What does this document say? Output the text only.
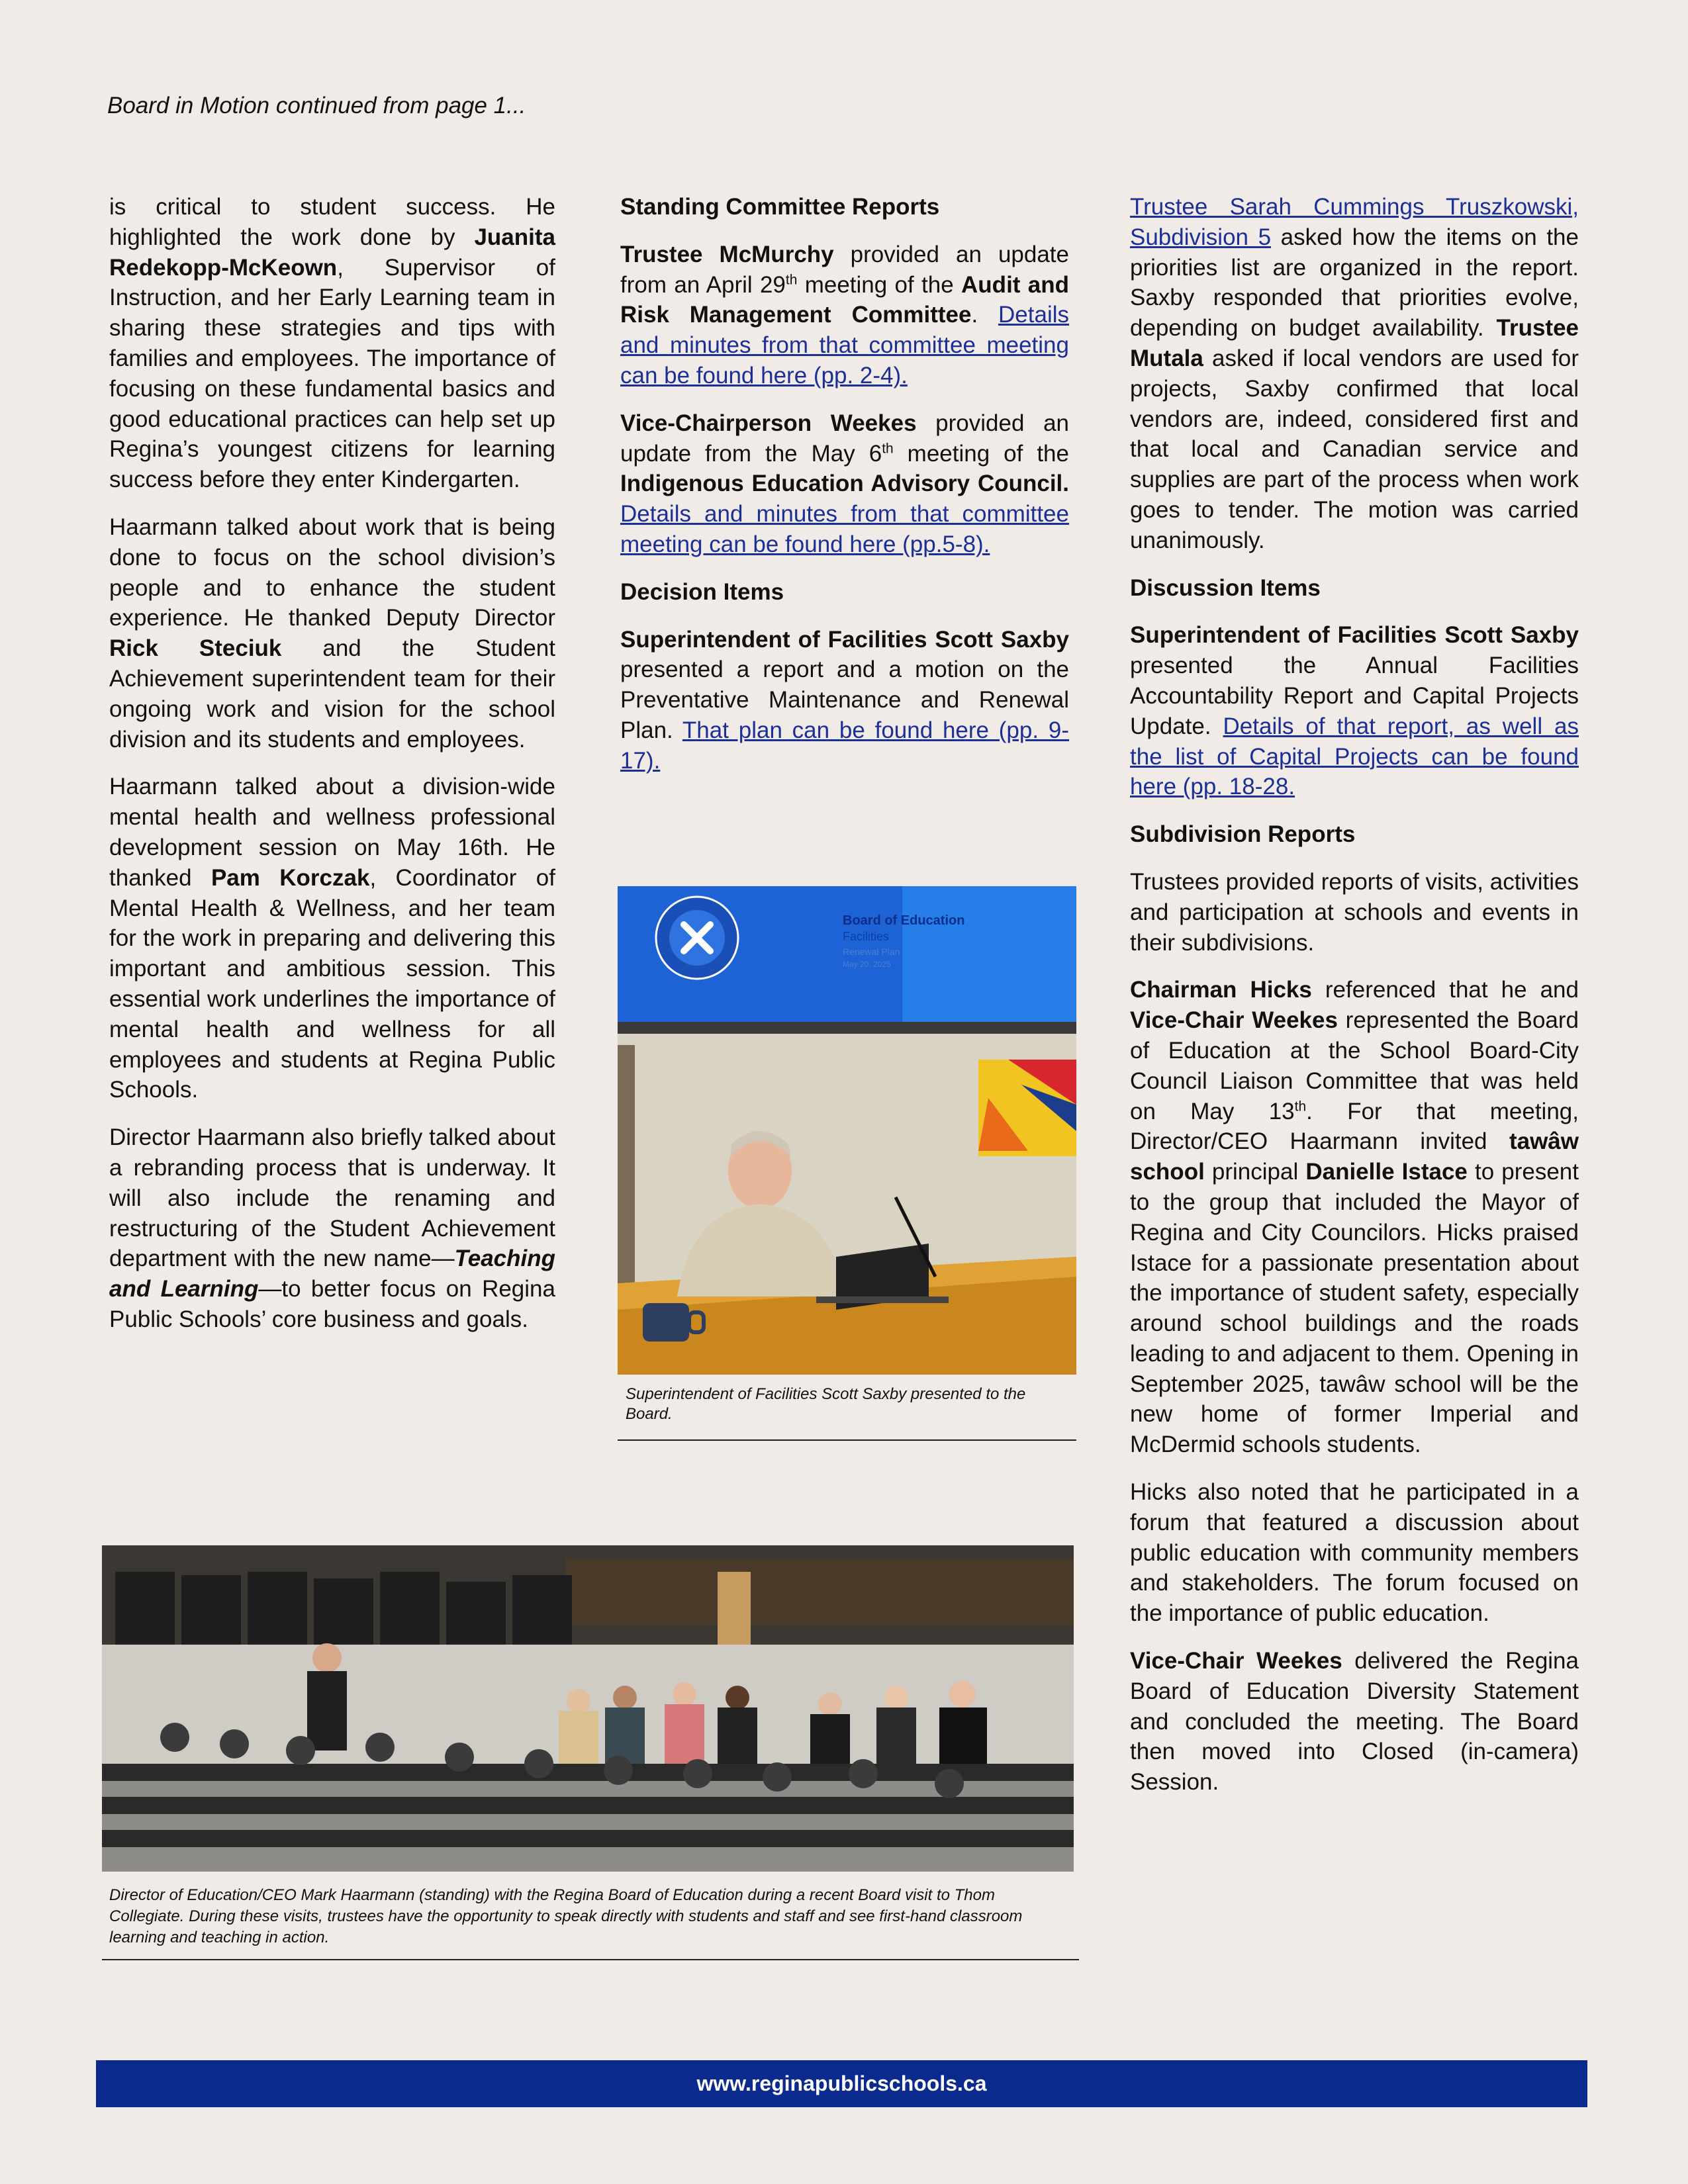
Board in Motion continued from page 1...

is critical to student success. He highlighted the work done by Juanita Redekopp-McKeown, Supervisor of Instruction, and her Early Learning team in sharing these strategies and tips with families and employees. The importance of focusing on these fundamental basics and good educational practices can help set up Regina’s youngest citizens for learning success before they enter Kindergarten.

Haarmann talked about work that is being done to focus on the school division’s people and to enhance the student experience. He thanked Deputy Director Rick Steciuk and the Student Achievement superintendent team for their ongoing work and vision for the school division and its students and employees.

Haarmann talked about a division-wide mental health and wellness professional development session on May 16th. He thanked Pam Korczak, Coordinator of Mental Health & Wellness, and her team for the work in preparing and delivering this important and ambitious session. This essential work underlines the importance of mental health and wellness for all employees and students at Regina Public Schools.

Director Haarmann also briefly talked about a rebranding process that is underway. It will also include the renaming and restructuring of the Student Achievement department with the new name—Teaching and Learning—to better focus on Regina Public Schools’ core business and goals.

Standing Committee Reports

Trustee McMurchy provided an update from an April 29th meeting of the Audit and Risk Management Committee. Details and minutes from that committee meeting can be found here (pp. 2-4).

Vice-Chairperson Weekes provided an update from the May 6th meeting of the Indigenous Education Advisory Council. Details and minutes from that committee meeting can be found here (pp.5-8).

Decision Items

Superintendent of Facilities Scott Saxby presented a report and a motion on the Preventative Maintenance and Renewal Plan. That plan can be found here (pp. 9-17).

Board of Education
Facilities
Renewal Plan
May 20, 2025
Superintendent of Facilities Scott Saxby presented to the Board.

Trustee Sarah Cummings Truszkowski, Subdivision 5 asked how the items on the priorities list are organized in the report. Saxby responded that priorities evolve, depending on budget availability. Trustee Mutala asked if local vendors are used for projects, Saxby confirmed that local vendors are, indeed, considered first and that local and Canadian service and supplies are part of the process when work goes to tender. The motion was carried unanimously.

Discussion Items

Superintendent of Facilities Scott Saxby presented the Annual Facilities Accountability Report and Capital Projects Update. Details of that report, as well as the list of Capital Projects can be found here (pp. 18-28.

Subdivision Reports

Trustees provided reports of visits, activities and participation at schools and events in their subdivisions.

Chairman Hicks referenced that he and Vice-Chair Weekes represented the Board of Education at the School Board-City Council Liaison Committee that was held on May 13th. For that meeting, Director/CEO Haarmann invited tawâw school principal Danielle Istace to present to the group that included the Mayor of Regina and City Councilors. Hicks praised Istace for a passionate presentation about the importance of student safety, especially around school buildings and the roads leading to and adjacent to them. Opening in September 2025, tawâw school will be the new home of former Imperial and McDermid schools students.

Hicks also noted that he participated in a forum that featured a discussion about public education with community members and stakeholders. The forum focused on the importance of public education.

Vice-Chair Weekes delivered the Regina Board of Education Diversity Statement and concluded the meeting. The Board then moved into Closed (in-camera) Session.

Director of Education/CEO Mark Haarmann (standing) with the Regina Board of Education during a recent Board visit to Thom Collegiate. During these visits, trustees have the opportunity to speak directly with students and staff and see first-hand classroom learning and teaching in action.
www.reginapublicschools.ca
